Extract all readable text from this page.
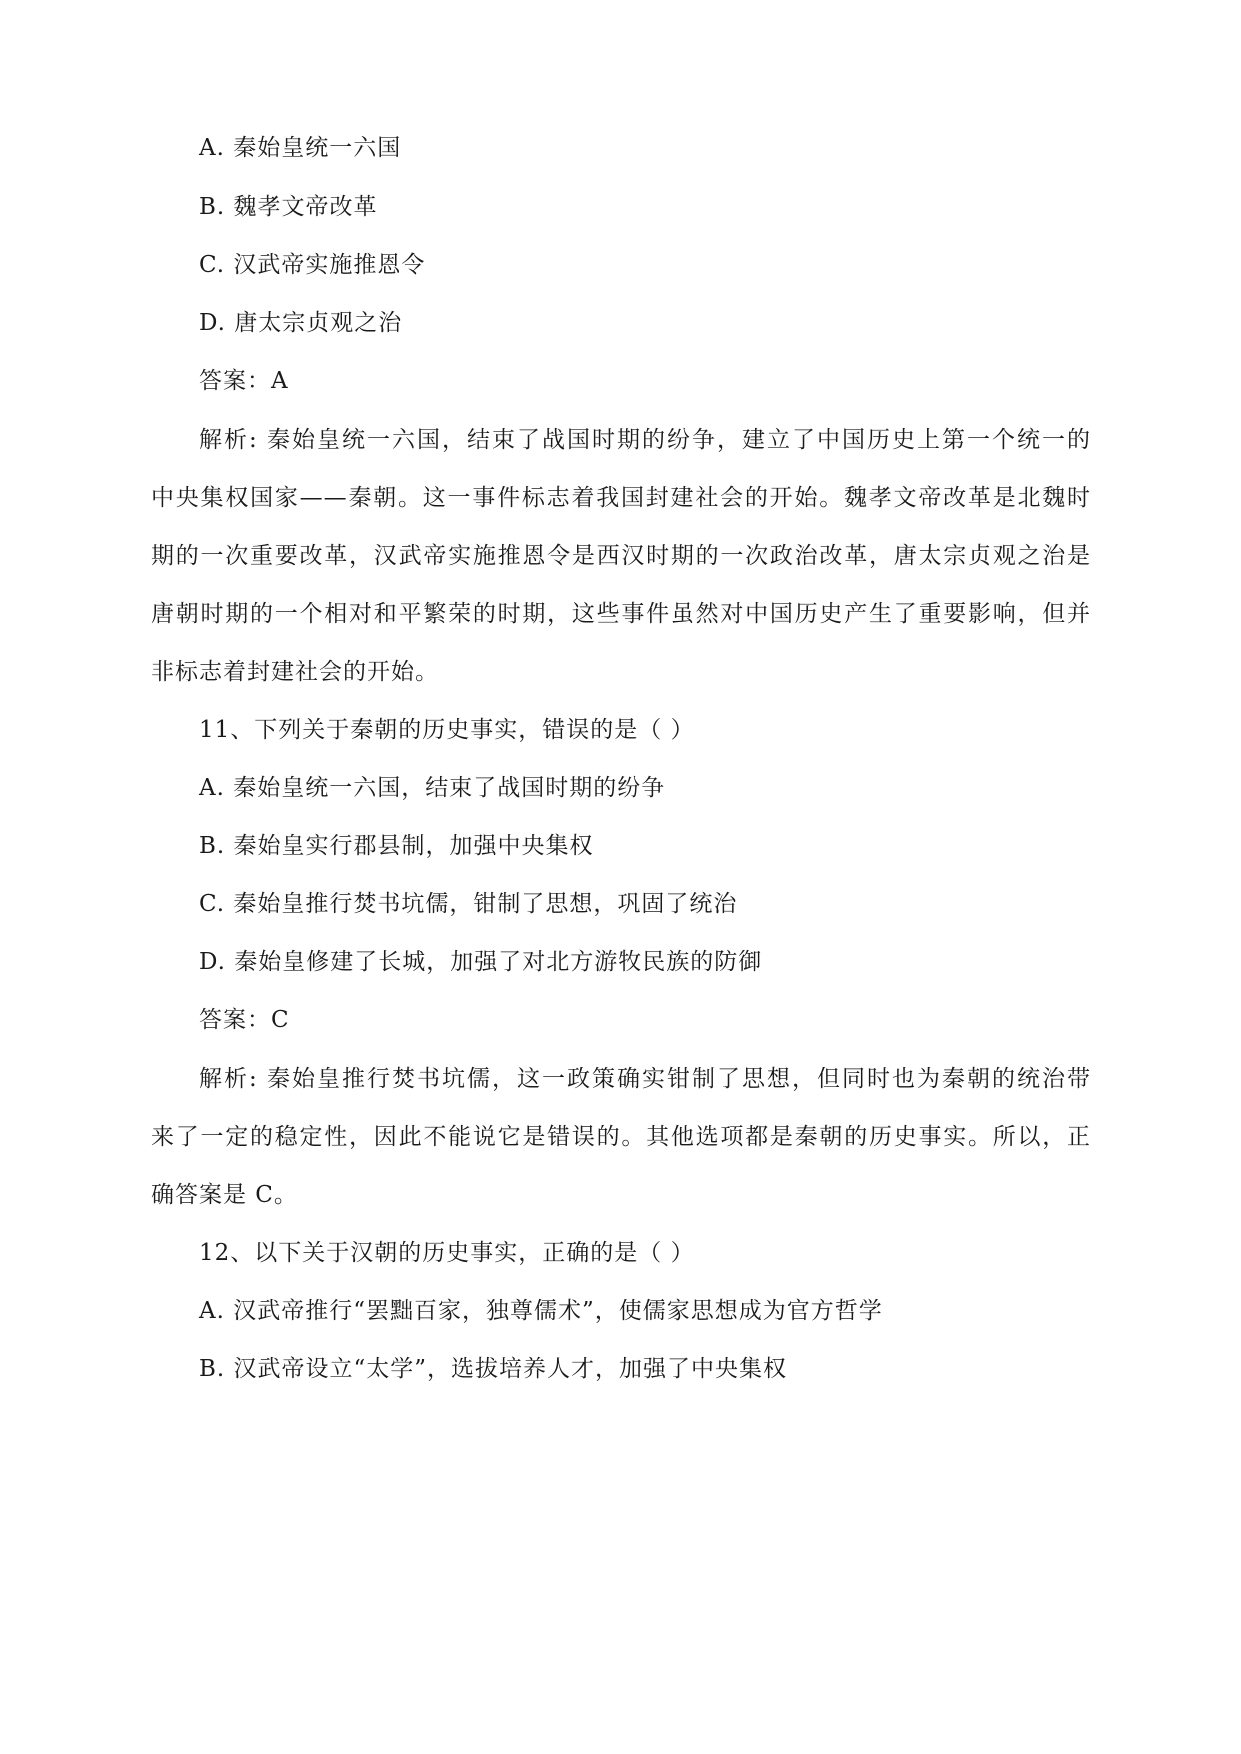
A. 秦始皇统一六国
B. 魏孝文帝改革
C. 汉武帝实施推恩令
D. 唐太宗贞观之治
答案：A
解析: 秦始皇统一六国，结束了战国时期的纷争，建立了中国历史上第一个统一的
中央集权国家——秦朝。这一事件标志着我国封建社会的开始。魏孝文帝改革是北魏时
期的一次重要改革，汉武帝实施推恩令是西汉时期的一次政治改革，唐太宗贞观之治是
唐朝时期的一个相对和平繁荣的时期，这些事件虽然对中国历史产生了重要影响，但并
非标志着封建社会的开始。
11、下列关于秦朝的历史事实，错误的是（ ）
A. 秦始皇统一六国，结束了战国时期的纷争
B. 秦始皇实行郡县制，加强中央集权
C. 秦始皇推行焚书坑儒，钳制了思想，巩固了统治
D. 秦始皇修建了长城，加强了对北方游牧民族的防御
答案：C
解析: 秦始皇推行焚书坑儒，这一政策确实钳制了思想，但同时也为秦朝的统治带
来了一定的稳定性，因此不能说它是错误的。其他选项都是秦朝的历史事实。所以，正
确答案是 C。
12、以下关于汉朝的历史事实，正确的是（ ）
A. 汉武帝推行“罢黜百家，独尊儒术”，使儒家思想成为官方哲学
B. 汉武帝设立“太学”，选拔培养人才，加强了中央集权
